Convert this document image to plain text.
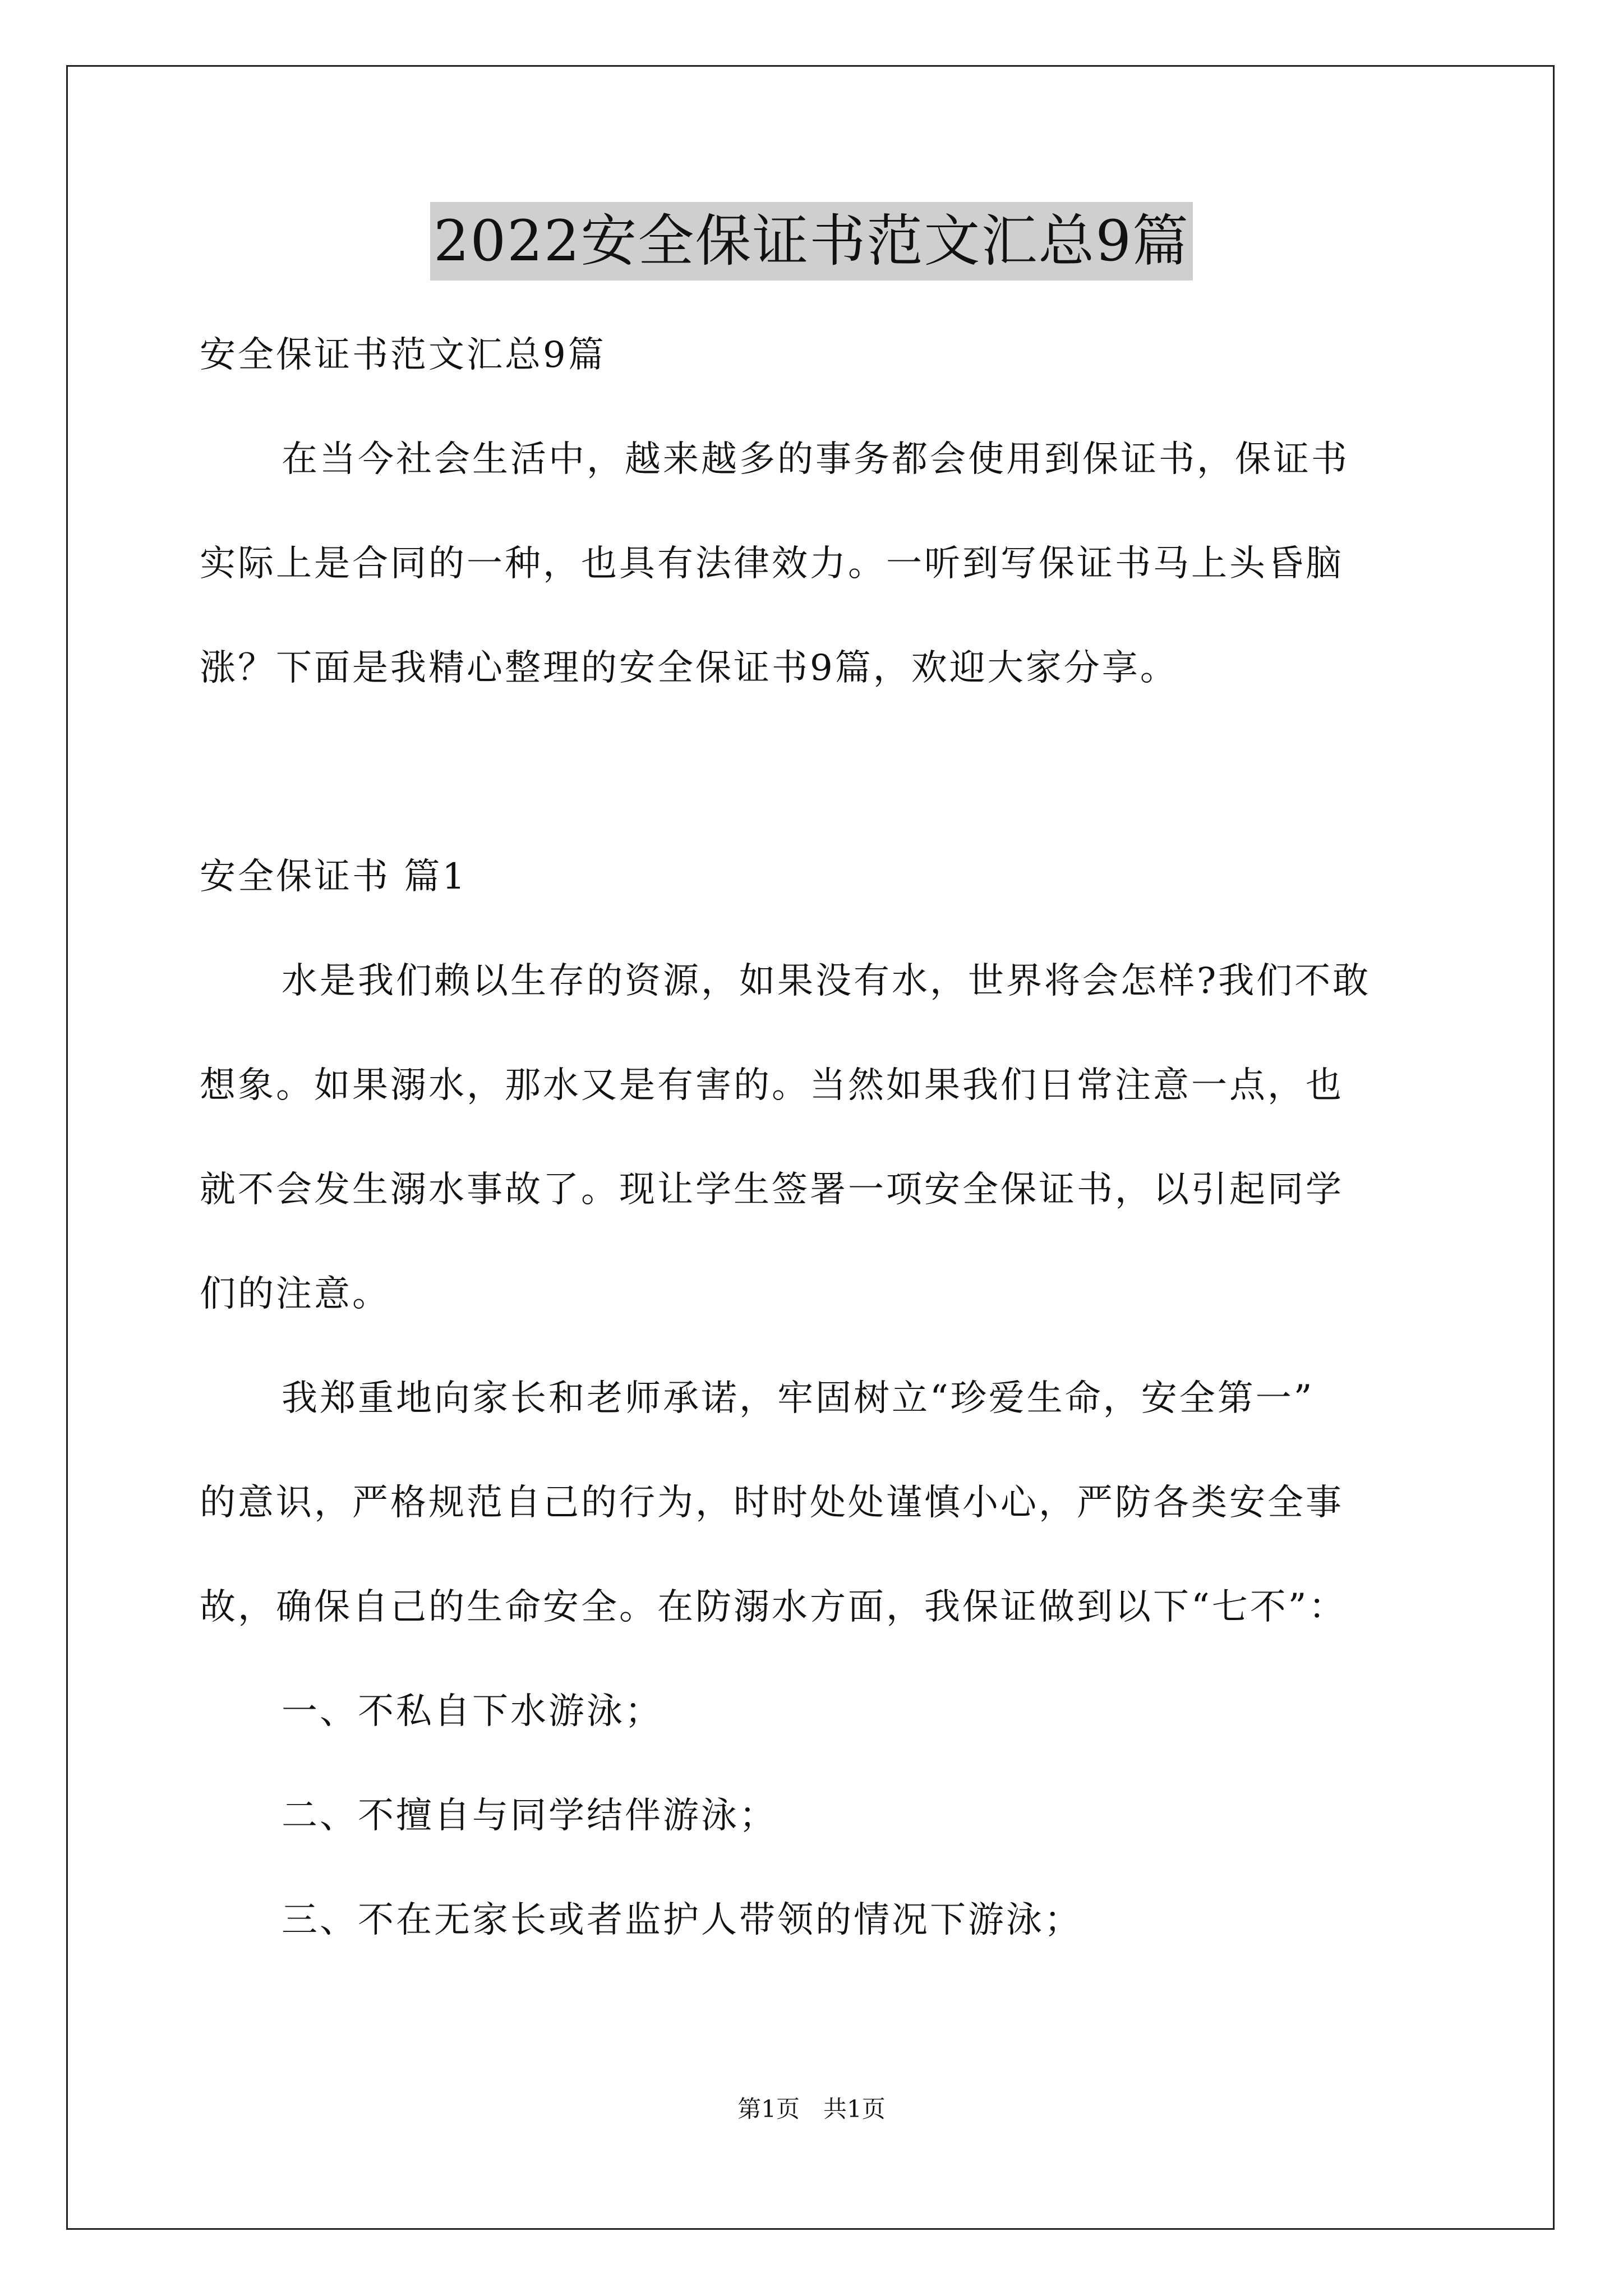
2022安全保证书范文汇总9篇
安全保证书范文汇总9篇
在当今社会生活中，越来越多的事务都会使用到保证书，保证书
实际上是合同的一种，也具有法律效力。一听到写保证书马上头昏脑
涨？下面是我精心整理的安全保证书9篇，欢迎大家分享。
安全保证书 篇1
水是我们赖以生存的资源，如果没有水，世界将会怎样?我们不敢
想象。如果溺水，那水又是有害的。当然如果我们日常注意一点，也
就不会发生溺水事故了。现让学生签署一项安全保证书，以引起同学
们的注意。
我郑重地向家长和老师承诺，牢固树立“珍爱生命，安全第一”
的意识，严格规范自己的行为，时时处处谨慎小心，严防各类安全事
故，确保自己的生命安全。在防溺水方面，我保证做到以下“七不”：
一、不私自下水游泳；
二、不擅自与同学结伴游泳；
三、不在无家长或者监护人带领的情况下游泳；
第1页　共1页
